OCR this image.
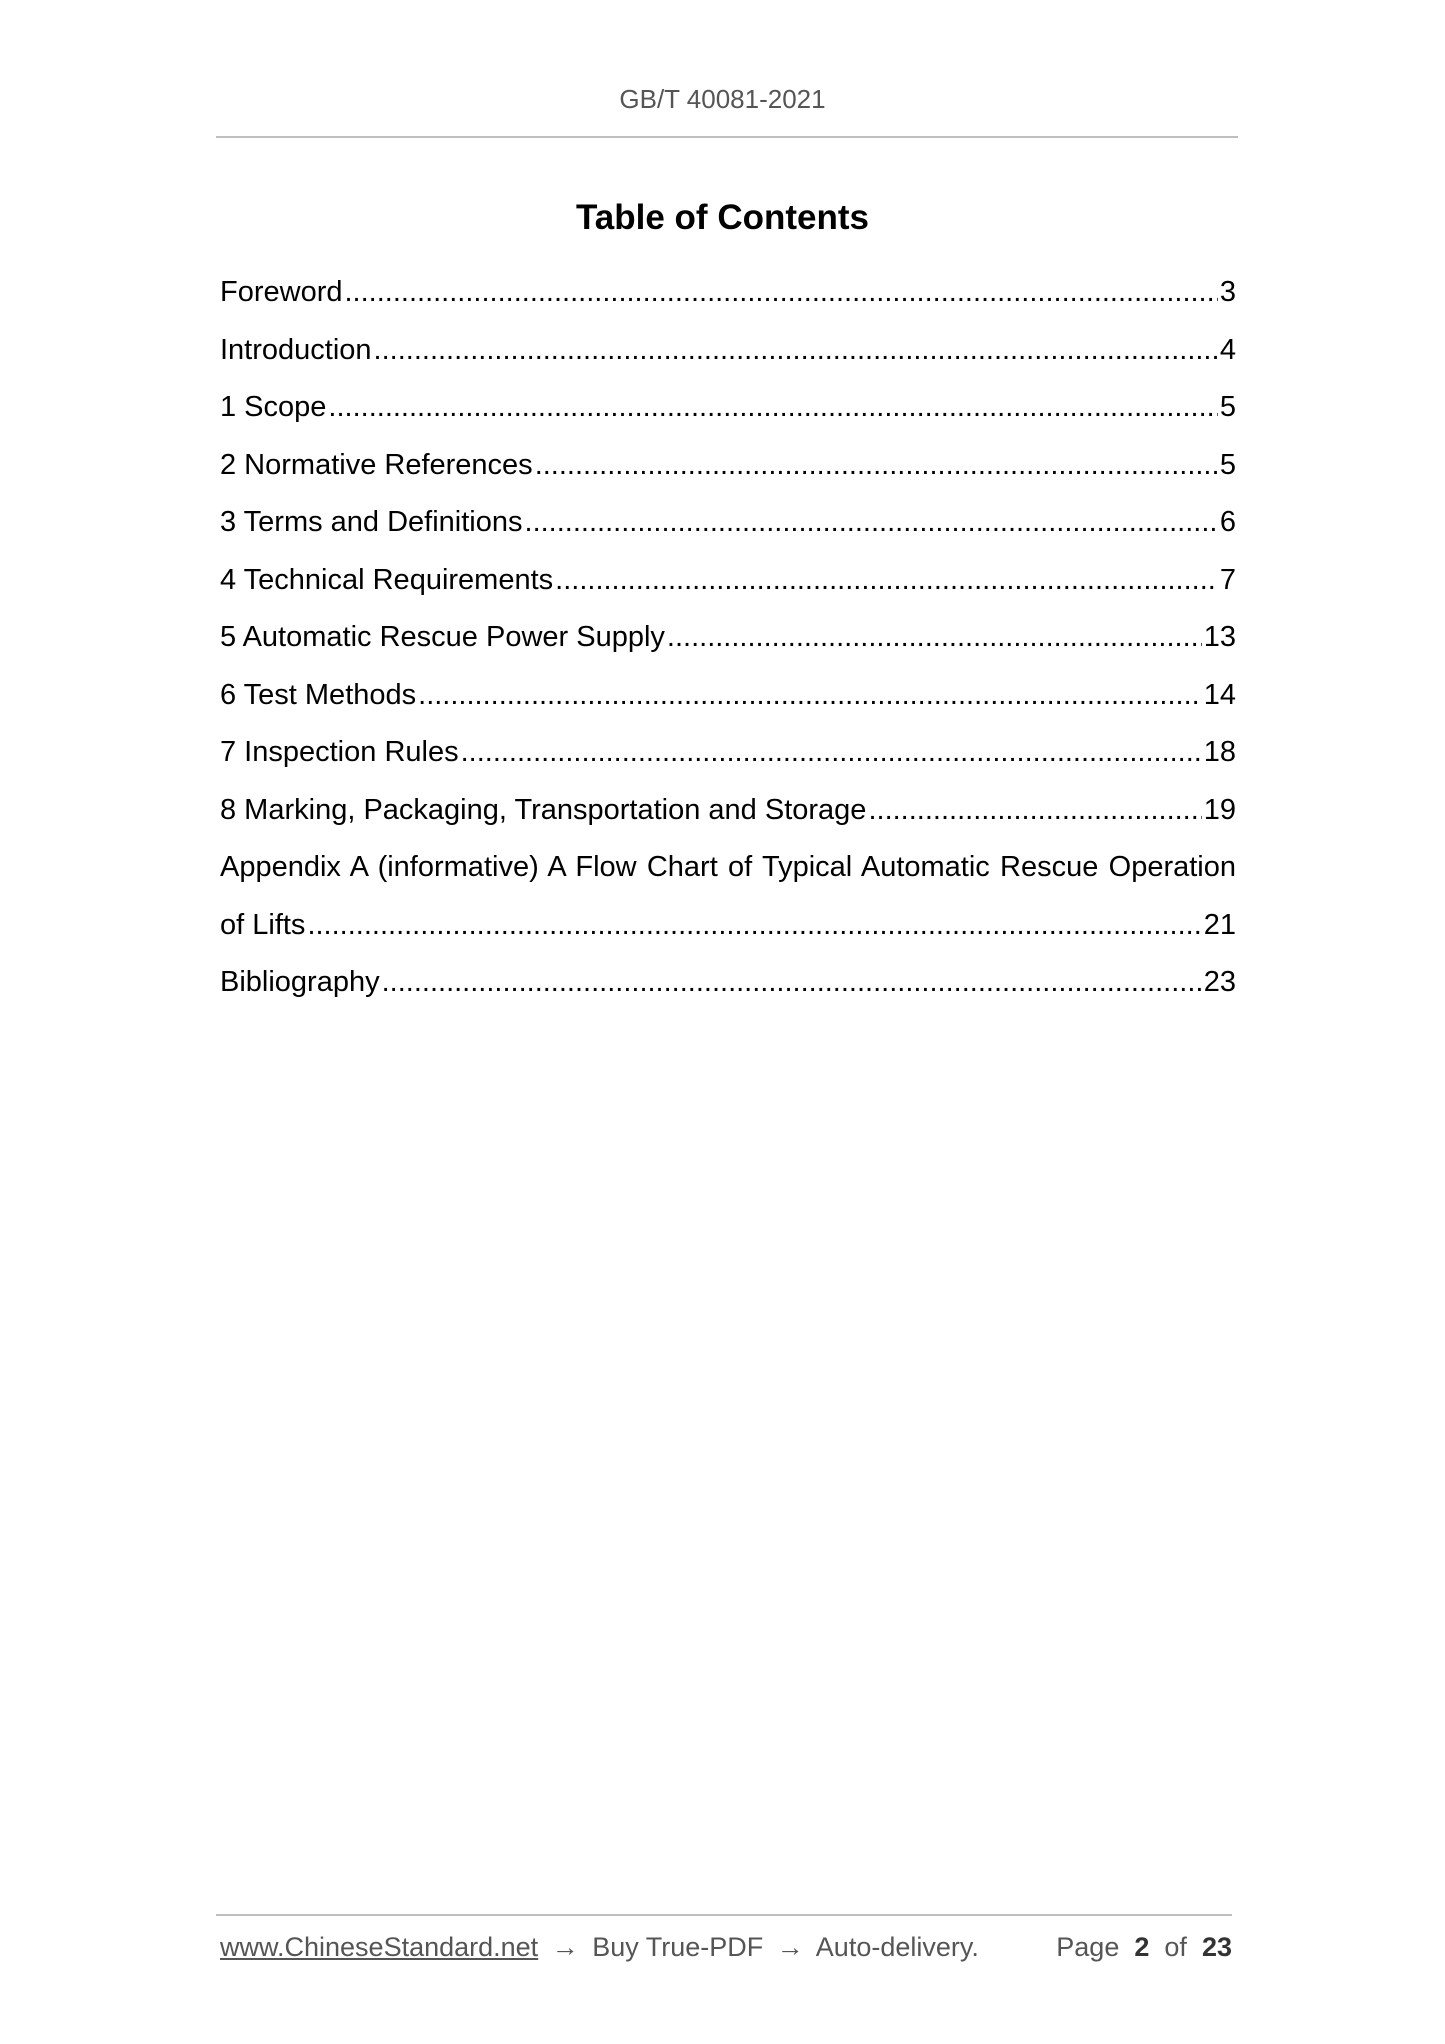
GB/T 40081-2021
Table of Contents
Foreword .....	3
Introduction .....	4
1 Scope .....	5
2 Normative References .....	5
3 Terms and Definitions .....	6
4 Technical Requirements .....	7
5 Automatic Rescue Power Supply .....	13
6 Test Methods .....	14
7 Inspection Rules .....	18
8 Marking, Packaging, Transportation and Storage .....	19
Appendix A (informative) A Flow Chart of Typical Automatic Rescue Operation
of Lifts .....	21
Bibliography .....	23
www.ChineseStandard.net → Buy True-PDF → Auto-delivery.	Page 2 of 23
